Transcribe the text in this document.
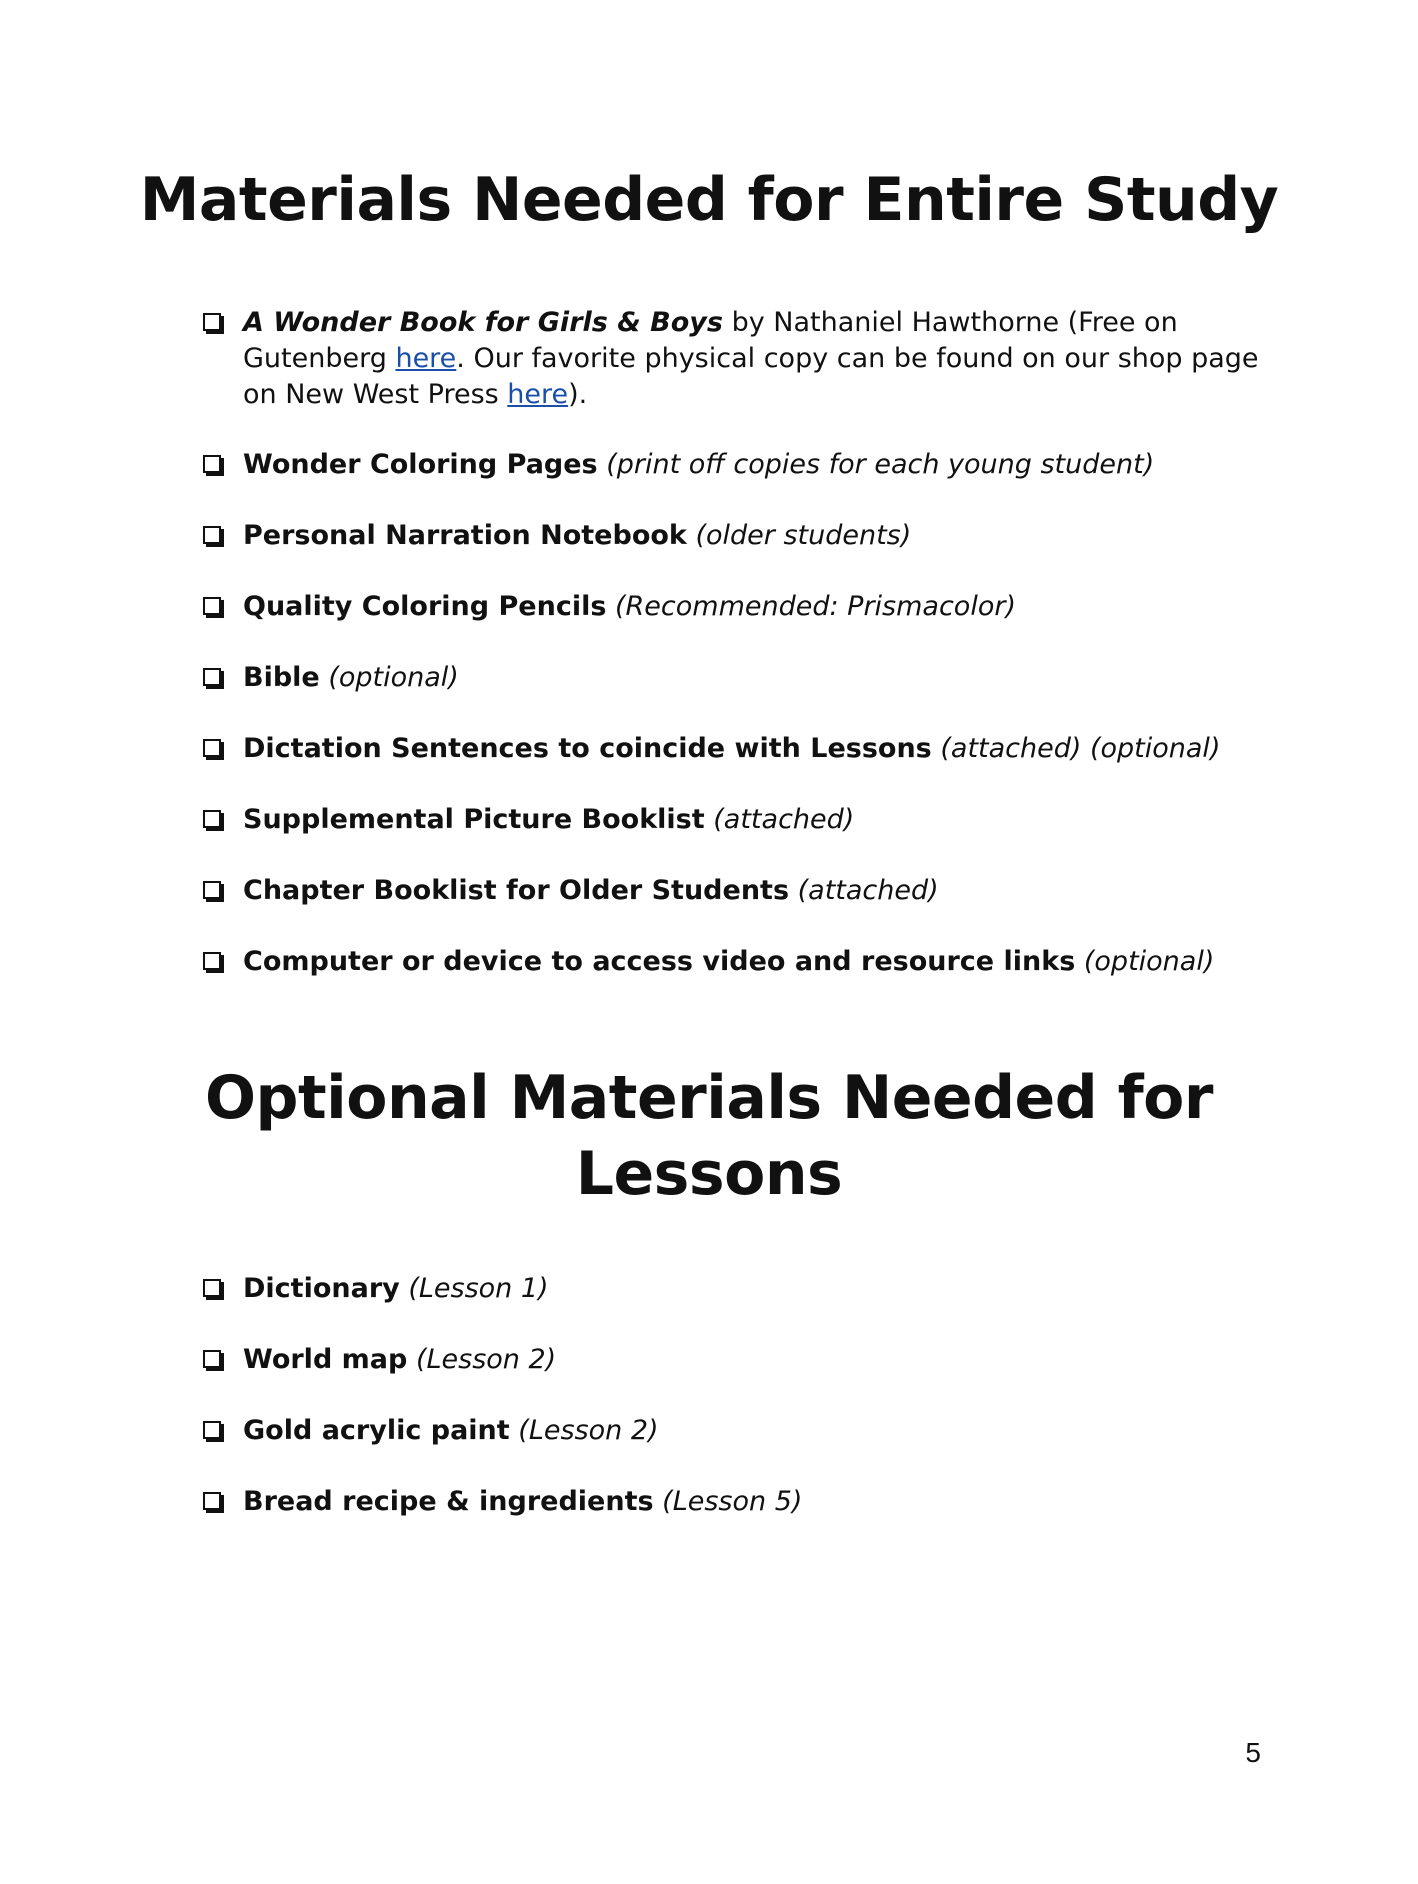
Materials Needed for Entire Study
A Wonder Book for Girls & Boys by Nathaniel Hawthorne (Free on Gutenberg here. Our favorite physical copy can be found on our shop page on New West Press here).
Wonder Coloring Pages (print off copies for each young student)
Personal Narration Notebook (older students)
Quality Coloring Pencils (Recommended: Prismacolor)
Bible (optional)
Dictation Sentences to coincide with Lessons (attached) (optional)
Supplemental Picture Booklist (attached)
Chapter Booklist for Older Students (attached)
Computer or device to access video and resource links (optional)
Optional Materials Needed for
Lessons
Dictionary (Lesson 1)
World map (Lesson 2)
Gold acrylic paint (Lesson 2)
Bread recipe & ingredients (Lesson 5)
5
